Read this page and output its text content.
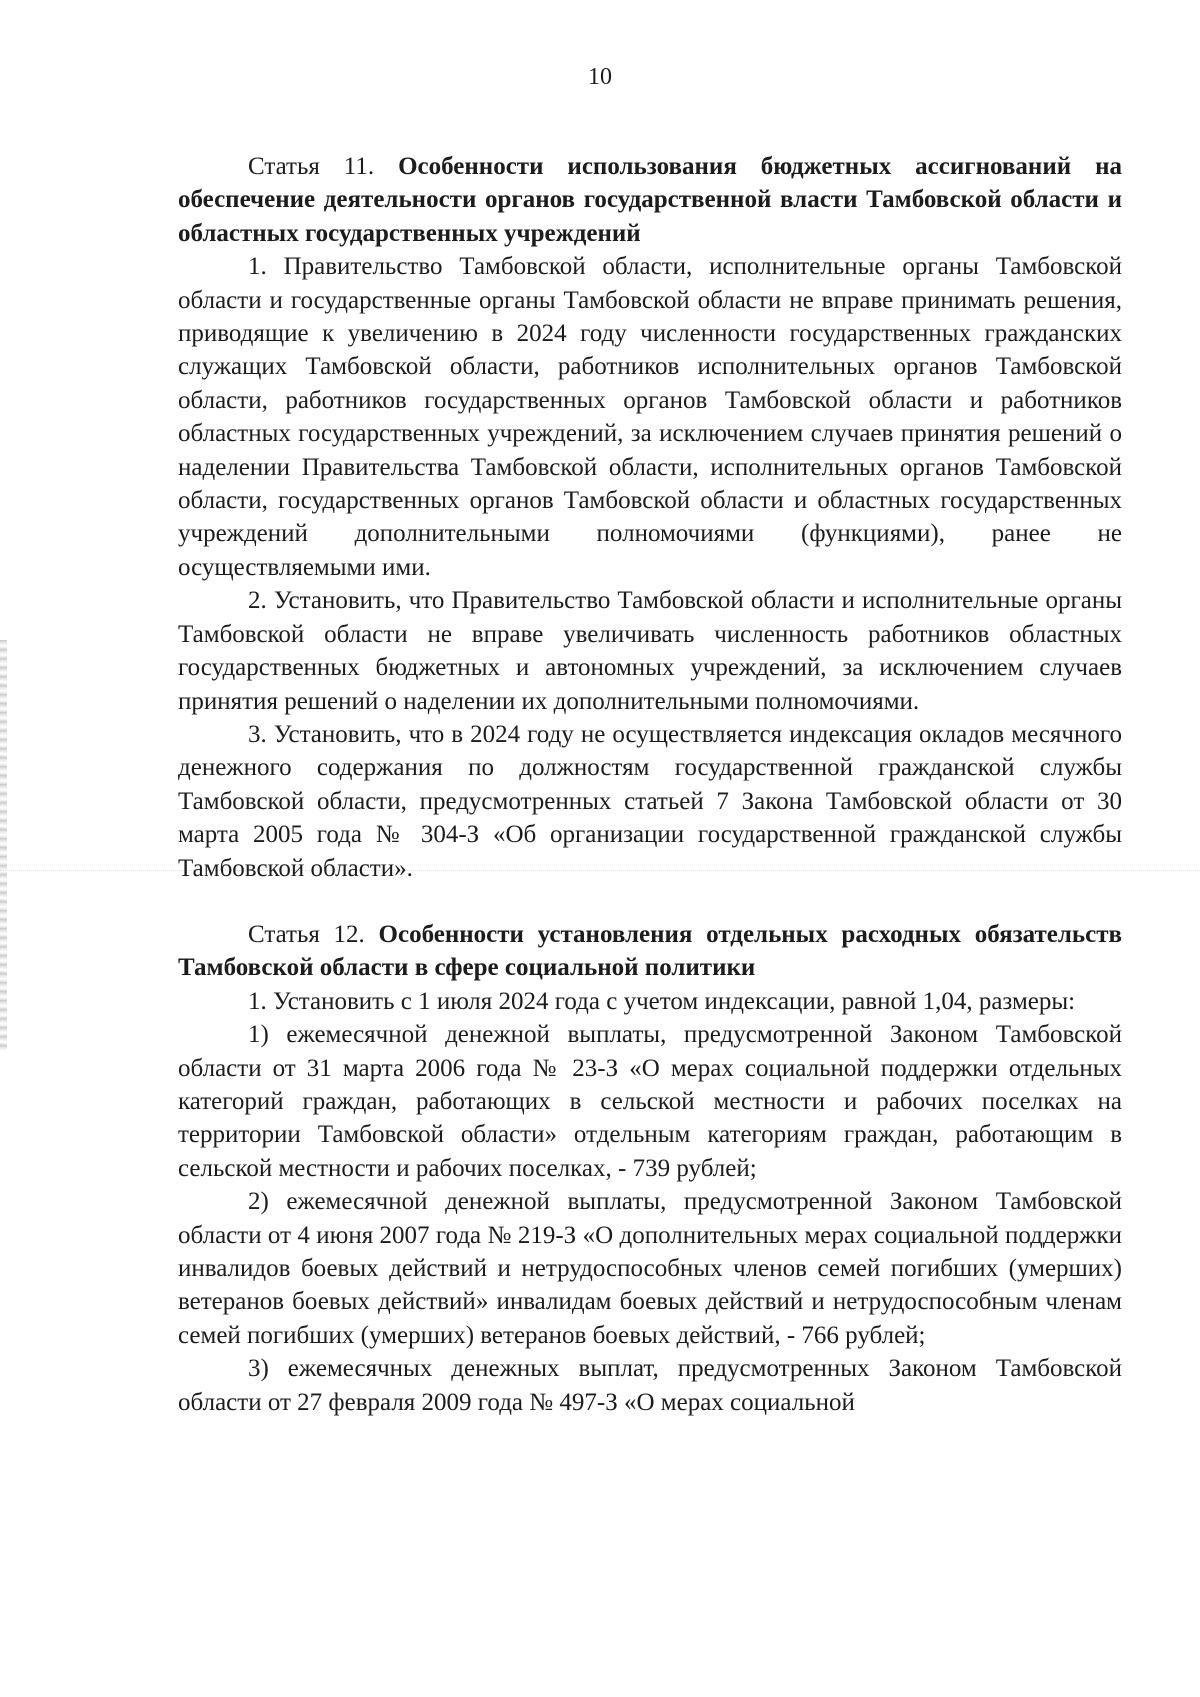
10

Статья 11. Особенности использования бюджетных ассигнований на обеспечение деятельности органов государственной власти Тамбовской области и областных государственных учреждений

1. Правительство Тамбовской области, исполнительные органы Тамбовской области и государственные органы Тамбовской области не вправе принимать решения, приводящие к увеличению в 2024 году численности государственных гражданских служащих Тамбовской области, работников исполнительных органов Тамбовской области, работников государственных органов Тамбовской области и работников областных государственных учреждений, за исключением случаев принятия решений о наделении Правительства Тамбовской области, исполнительных органов Тамбовской области, государственных органов Тамбовской области и областных государственных учреждений дополнительными полномочиями (функциями), ранее не осуществляемыми ими.

2. Установить, что Правительство Тамбовской области и исполнительные органы Тамбовской области не вправе увеличивать численность работников областных государственных бюджетных и автономных учреждений, за исключением случаев принятия решений о наделении их дополнительными полномочиями.

3. Установить, что в 2024 году не осуществляется индексация окладов месячного денежного содержания по должностям государственной гражданской службы Тамбовской области, предусмотренных статьей 7 Закона Тамбовской области от 30 марта 2005 года № 304-З «Об организации государственной гражданской службы Тамбовской области».

Статья 12. Особенности установления отдельных расходных обязательств Тамбовской области в сфере социальной политики

1. Установить с 1 июля 2024 года с учетом индексации, равной 1,04, размеры:

1) ежемесячной денежной выплаты, предусмотренной Законом Тамбовской области от 31 марта 2006 года № 23-З «О мерах социальной поддержки отдельных категорий граждан, работающих в сельской местности и рабочих поселках на территории Тамбовской области» отдельным категориям граждан, работающим в сельской местности и рабочих поселках, - 739 рублей;

2) ежемесячной денежной выплаты, предусмотренной Законом Тамбовской области от 4 июня 2007 года № 219-З «О дополнительных мерах социальной поддержки инвалидов боевых действий и нетрудоспособных членов семей погибших (умерших) ветеранов боевых действий» инвалидам боевых действий и нетрудоспособным членам семей погибших (умерших) ветеранов боевых действий, - 766 рублей;

3) ежемесячных денежных выплат, предусмотренных Законом Тамбовской области от 27 февраля 2009 года № 497-З «О мерах социальной
